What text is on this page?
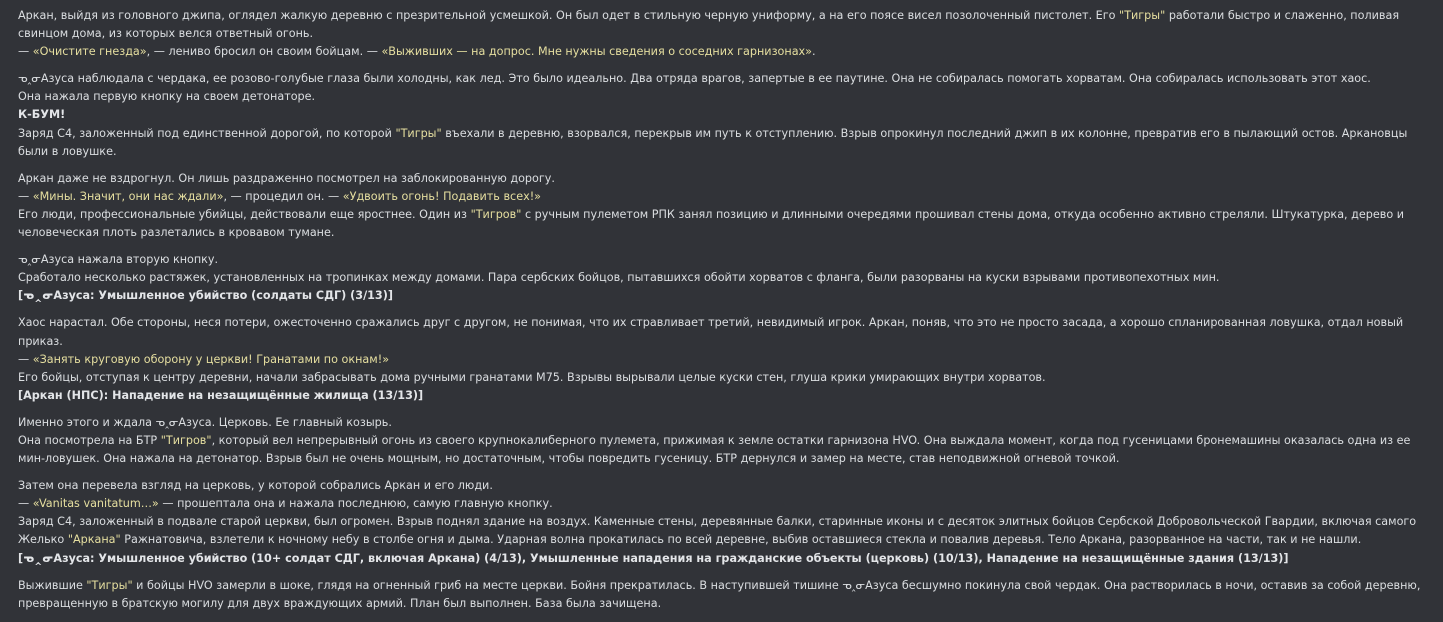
Аркан, выйдя из головного джипа, оглядел жалкую деревню с презрительной усмешкой. Он был одет в стильную черную униформу, а на его поясе висел позолоченный пистолет. Его "Тигры" работали быстро и слаженно, поливая свинцом дома, из которых велся ответный огонь.
— «Очистите гнезда», — лениво бросил он своим бойцам. — «Выживших — на допрос. Мне нужны сведения о соседних гарнизонах».
ᓀ‸ᓂАзуса наблюдала с чердака, ее розово-голубые глаза были холодны, как лед. Это было идеально. Два отряда врагов, запертые в ее паутине. Она не собиралась помогать хорватам. Она собиралась использовать этот хаос.
Она нажала первую кнопку на своем детонаторе.
К-БУМ!
Заряд C4, заложенный под единственной дорогой, по которой "Тигры" въехали в деревню, взорвался, перекрыв им путь к отступлению. Взрыв опрокинул последний джип в их колонне, превратив его в пылающий остов. Аркановцы были в ловушке.
Аркан даже не вздрогнул. Он лишь раздраженно посмотрел на заблокированную дорогу.
— «Мины. Значит, они нас ждали», — процедил он. — «Удвоить огонь! Подавить всех!»
Его люди, профессиональные убийцы, действовали еще яростнее. Один из "Тигров" с ручным пулеметом РПК занял позицию и длинными очередями прошивал стены дома, откуда особенно активно стреляли. Штукатурка, дерево и человеческая плоть разлетались в кровавом тумане.
ᓀ‸ᓂАзуса нажала вторую кнопку.
Сработало несколько растяжек, установленных на тропинках между домами. Пара сербских бойцов, пытавшихся обойти хорватов с фланга, были разорваны на куски взрывами противопехотных мин.
[ᓀ‸ᓂАзуса: Умышленное убийство (солдаты СДГ) (3/13)]
Хаос нарастал. Обе стороны, неся потери, ожесточенно сражались друг с другом, не понимая, что их стравливает третий, невидимый игрок. Аркан, поняв, что это не просто засада, а хорошо спланированная ловушка, отдал новый приказ.
— «Занять круговую оборону у церкви! Гранатами по окнам!»
Его бойцы, отступая к центру деревни, начали забрасывать дома ручными гранатами M75. Взрывы вырывали целые куски стен, глуша крики умирающих внутри хорватов.
[Аркан (НПС): Нападение на незащищённые жилища (13/13)]
Именно этого и ждала ᓀ‸ᓂАзуса. Церковь. Ее главный козырь.
Она посмотрела на БТР "Тигров", который вел непрерывный огонь из своего крупнокалиберного пулемета, прижимая к земле остатки гарнизона HVO. Она выждала момент, когда под гусеницами бронемашины оказалась одна из ее мин-ловушек. Она нажала на детонатор. Взрыв был не очень мощным, но достаточным, чтобы повредить гусеницу. БТР дернулся и замер на месте, став неподвижной огневой точкой.
Затем она перевела взгляд на церковь, у которой собрались Аркан и его люди.
— «Vanitas vanitatum…» — прошептала она и нажала последнюю, самую главную кнопку.
Заряд C4, заложенный в подвале старой церкви, был огромен. Взрыв поднял здание на воздух. Каменные стены, деревянные балки, старинные иконы и с десяток элитных бойцов Сербской Добровольческой Гвардии, включая самого Желько "Аркана" Ражнатовича, взлетели к ночному небу в столбе огня и дыма. Ударная волна прокатилась по всей деревне, выбив оставшиеся стекла и повалив деревья. Тело Аркана, разорванное на части, так и не нашли.
[ᓀ‸ᓂАзуса: Умышленное убийство (10+ солдат СДГ, включая Аркана) (4/13), Умышленные нападения на гражданские объекты (церковь) (10/13), Нападение на незащищённые здания (13/13)]
Выжившие "Тигры" и бойцы HVO замерли в шоке, глядя на огненный гриб на месте церкви. Бойня прекратилась. В наступившей тишине ᓀ‸ᓂАзуса бесшумно покинула свой чердак. Она растворилась в ночи, оставив за собой деревню, превращенную в братскую могилу для двух враждующих армий. План был выполнен. База была зачищена.
